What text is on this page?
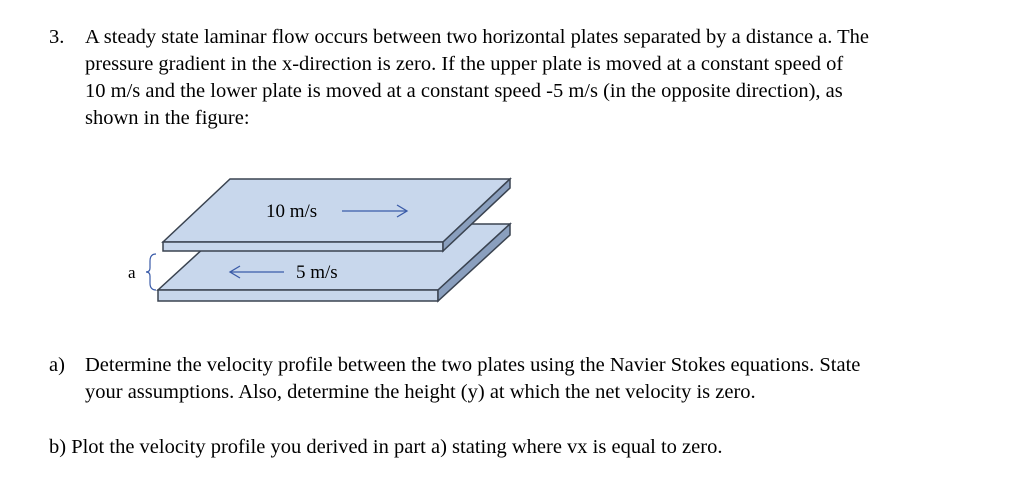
3. A steady state laminar flow occurs between two horizontal plates separated by a distance a. The
pressure gradient in the x-direction is zero. If the upper plate is moved at a constant speed of
10 m/s and the lower plate is moved at a constant speed -5 m/s (in the opposite direction), as
shown in the figure:
10 m/s
5 m/s
a
a) Determine the velocity profile between the two plates using the Navier Stokes equations. State
your assumptions. Also, determine the height (y) at which the net velocity is zero.
b) Plot the velocity profile you derived in part a) stating where vx is equal to zero.
